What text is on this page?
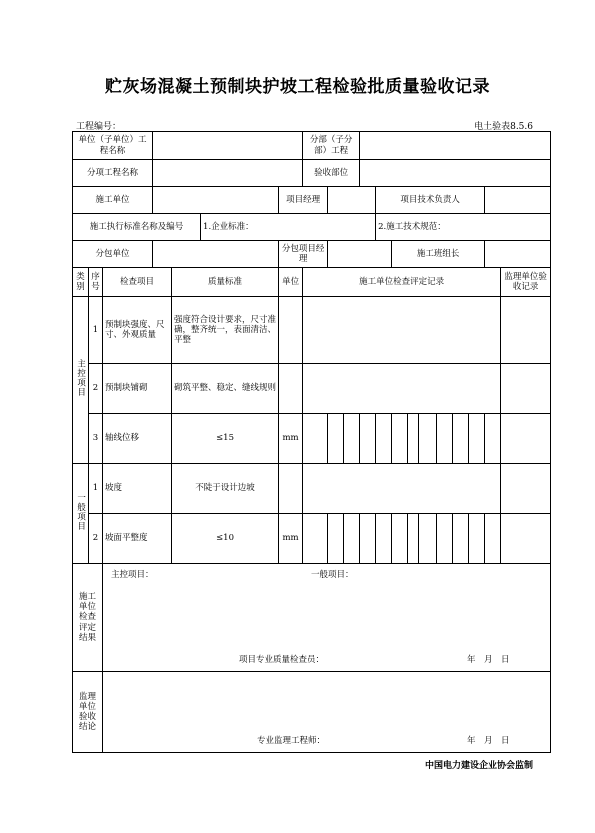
贮灰场混凝土预制块护坡工程检验批质量验收记录
工程编号：	电土验表8.5.6
单位（子单位）工程名称							分部（子分部）工程												
分项工程名称							验收部位												
施工单位						项目经理					项目技术负责人								
施工执行标准名称及编号					1.企业标准：						2.施工技术规范：								
分包单位						分包项目经理						施工班组长							
类别	序号	检查项目		质量标准		单位	施工单位检查评定记录												监理单位验收记录
主控项目	1	预制块强度、尺寸、外观质量		强度符合设计要求，尺寸准确，整齐统一，表面清洁、平整															
	2	预制块铺砌		砌筑平整、稳定、缝线规则															
	3	轴线位移		≤15		mm													
一般项目	1	坡度		不陡于设计边坡															
	2	坡面平整度		≤10		mm													

施工单位检查评定结果		主控项目： 一般项目：
项目专业质量检查员： 年　月　日																	

监理单位验收结论		专业监理工程师： 年　月　日																	
中国电力建设企业协会监制
